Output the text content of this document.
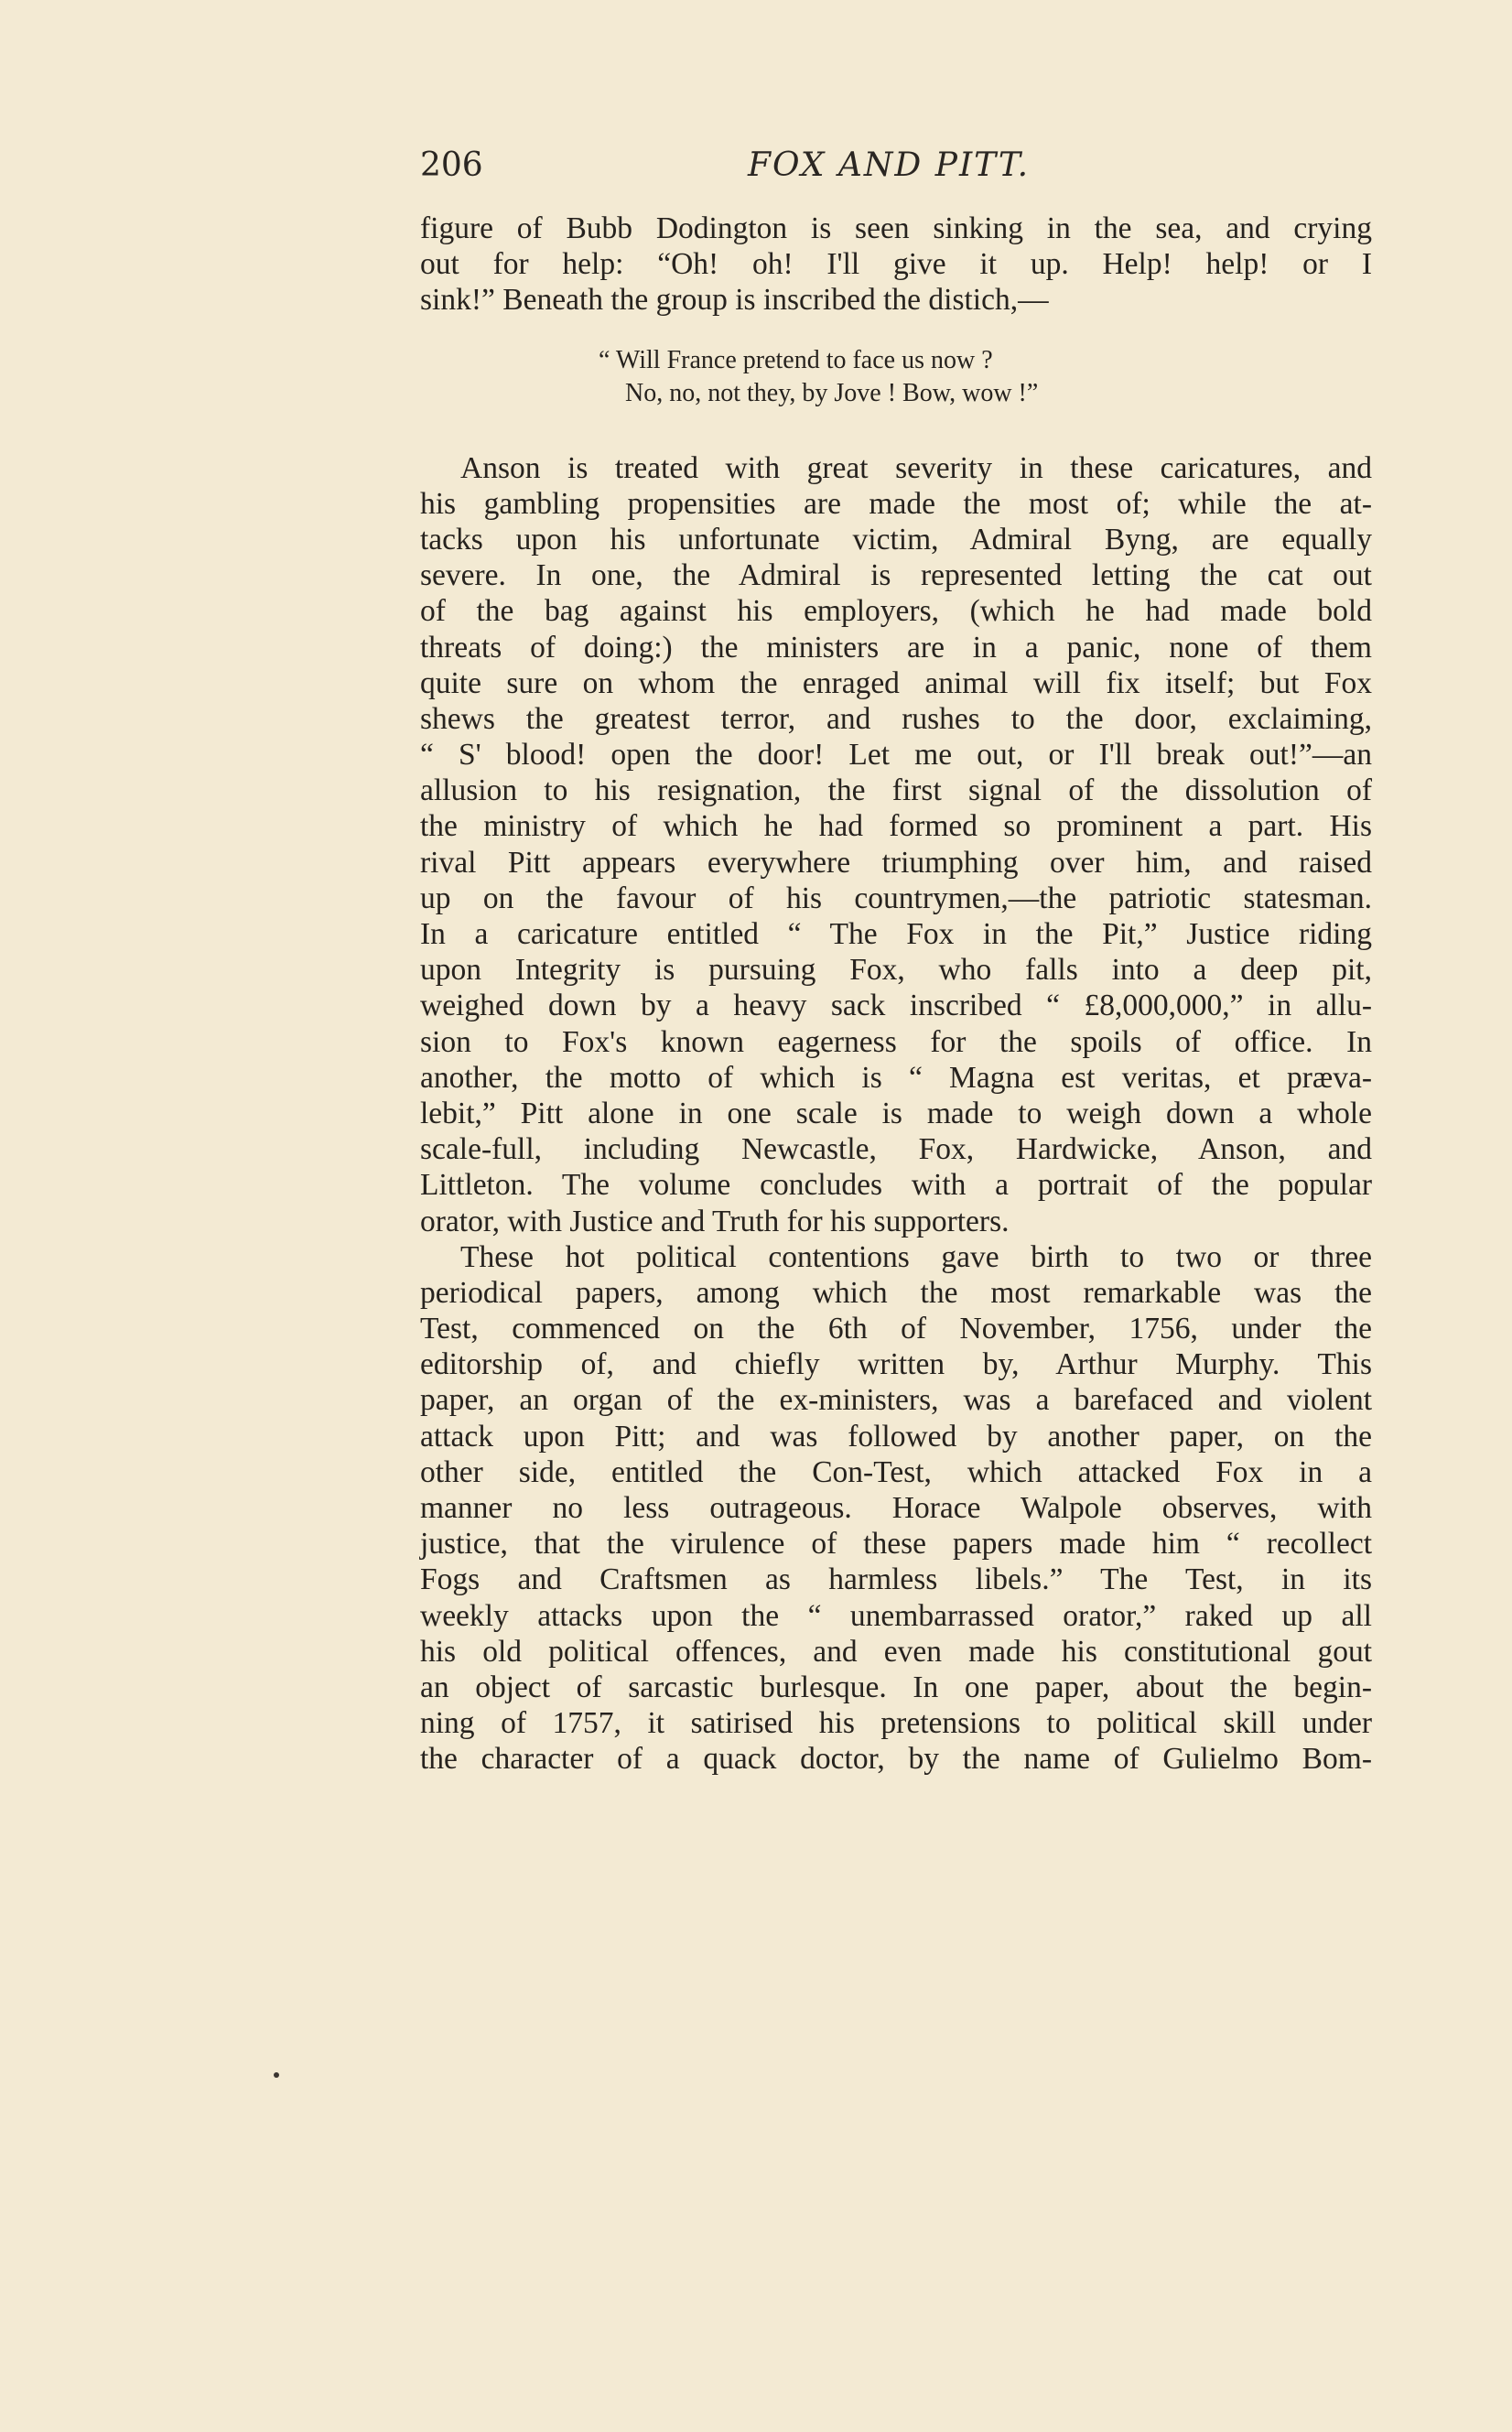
206	FOX AND PITT.
figure of Bubb Dodington is seen sinking in the sea, and crying
out for help: “Oh! oh! I'll give it up. Help! help! or I
sink!” Beneath the group is inscribed the distich,—
“ Will France pretend to face us now ?
No, no, not they, by Jove ! Bow, wow !”
Anson is treated with great severity in these caricatures, and
his gambling propensities are made the most of; while the at-
tacks upon his unfortunate victim, Admiral Byng, are equally
severe. In one, the Admiral is represented letting the cat out
of the bag against his employers, (which he had made bold
threats of doing:) the ministers are in a panic, none of them
quite sure on whom the enraged animal will fix itself; but Fox
shews the greatest terror, and rushes to the door, exclaiming,
“ S' blood! open the door! Let me out, or I'll break out!”—an
allusion to his resignation, the first signal of the dissolution of
the ministry of which he had formed so prominent a part. His
rival Pitt appears everywhere triumphing over him, and raised
up on the favour of his countrymen,—the patriotic statesman.
In a caricature entitled “ The Fox in the Pit,” Justice riding
upon Integrity is pursuing Fox, who falls into a deep pit,
weighed down by a heavy sack inscribed “ £8,000,000,” in allu-
sion to Fox's known eagerness for the spoils of office. In
another, the motto of which is “ Magna est veritas, et præva-
lebit,” Pitt alone in one scale is made to weigh down a whole
scale-full, including Newcastle, Fox, Hardwicke, Anson, and
Littleton. The volume concludes with a portrait of the popular
orator, with Justice and Truth for his supporters.
These hot political contentions gave birth to two or three
periodical papers, among which the most remarkable was the
Test, commenced on the 6th of November, 1756, under the
editorship of, and chiefly written by, Arthur Murphy. This
paper, an organ of the ex-ministers, was a barefaced and violent
attack upon Pitt; and was followed by another paper, on the
other side, entitled the Con-Test, which attacked Fox in a
manner no less outrageous. Horace Walpole observes, with
justice, that the virulence of these papers made him “ recollect
Fogs and Craftsmen as harmless libels.” The Test, in its
weekly attacks upon the “ unembarrassed orator,” raked up all
his old political offences, and even made his constitutional gout
an object of sarcastic burlesque. In one paper, about the begin-
ning of 1757, it satirised his pretensions to political skill under
the character of a quack doctor, by the name of Gulielmo Bom-
